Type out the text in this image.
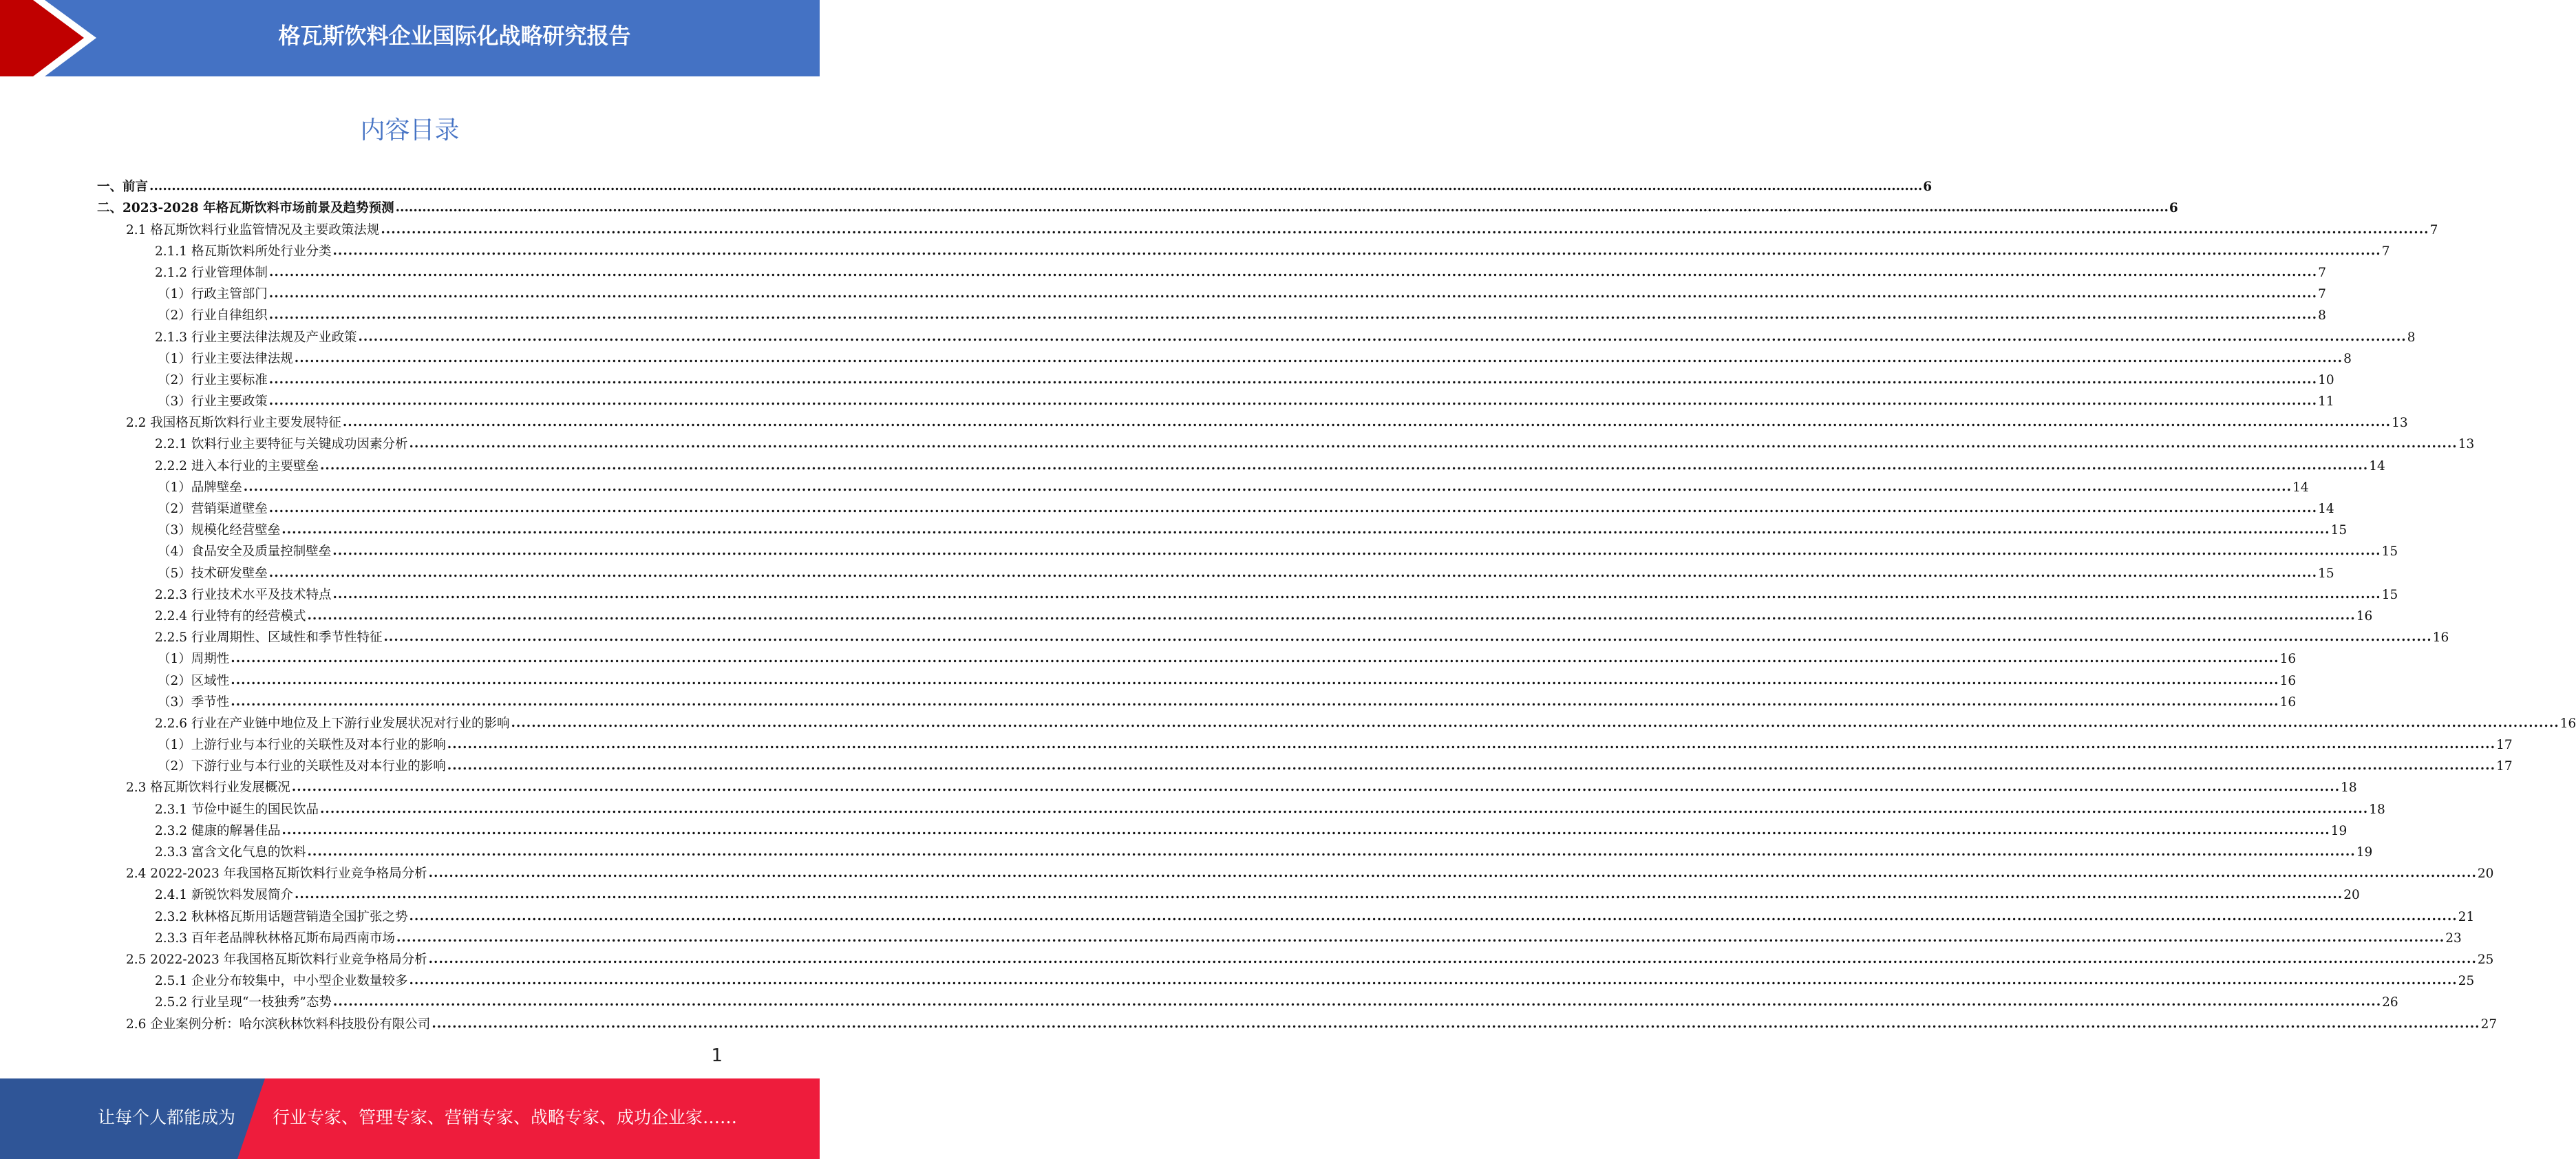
格瓦斯饮料企业国际化战略研究报告
内容目录
一、前言 ................................................................................................................................................................................................................................................................................................................................................................................................................ 6
二、2023-2028 年格瓦斯饮料市场前景及趋势预测 ................................................................................................................................................................................................................................................................................................................................................................................................................ 6
2.1 格瓦斯饮料行业监管情况及主要政策法规 ................................................................................................................................................................................................................................................................................................................................................................................................................ 7
2.1.1 格瓦斯饮料所处行业分类 ................................................................................................................................................................................................................................................................................................................................................................................................................ 7
2.1.2 行业管理体制 ................................................................................................................................................................................................................................................................................................................................................................................................................ 7
（1）行政主管部门 ................................................................................................................................................................................................................................................................................................................................................................................................................ 7
（2）行业自律组织 ................................................................................................................................................................................................................................................................................................................................................................................................................ 8
2.1.3 行业主要法律法规及产业政策 ................................................................................................................................................................................................................................................................................................................................................................................................................ 8
（1）行业主要法律法规 ................................................................................................................................................................................................................................................................................................................................................................................................................ 8
（2）行业主要标准 ................................................................................................................................................................................................................................................................................................................................................................................................................ 10
（3）行业主要政策 ................................................................................................................................................................................................................................................................................................................................................................................................................ 11
2.2 我国格瓦斯饮料行业主要发展特征 ................................................................................................................................................................................................................................................................................................................................................................................................................ 13
2.2.1 饮料行业主要特征与关键成功因素分析 ................................................................................................................................................................................................................................................................................................................................................................................................................ 13
2.2.2 进入本行业的主要壁垒 ................................................................................................................................................................................................................................................................................................................................................................................................................ 14
（1）品牌壁垒 ................................................................................................................................................................................................................................................................................................................................................................................................................ 14
（2）营销渠道壁垒 ................................................................................................................................................................................................................................................................................................................................................................................................................ 14
（3）规模化经营壁垒 ................................................................................................................................................................................................................................................................................................................................................................................................................ 15
（4）食品安全及质量控制壁垒 ................................................................................................................................................................................................................................................................................................................................................................................................................ 15
（5）技术研发壁垒 ................................................................................................................................................................................................................................................................................................................................................................................................................ 15
2.2.3 行业技术水平及技术特点 ................................................................................................................................................................................................................................................................................................................................................................................................................ 15
2.2.4 行业特有的经营模式 ................................................................................................................................................................................................................................................................................................................................................................................................................ 16
2.2.5 行业周期性、区域性和季节性特征 ................................................................................................................................................................................................................................................................................................................................................................................................................ 16
（1）周期性 ................................................................................................................................................................................................................................................................................................................................................................................................................ 16
（2）区域性 ................................................................................................................................................................................................................................................................................................................................................................................................................ 16
（3）季节性 ................................................................................................................................................................................................................................................................................................................................................................................................................ 16
2.2.6 行业在产业链中地位及上下游行业发展状况对行业的影响 ................................................................................................................................................................................................................................................................................................................................................................................................................ 16
（1）上游行业与本行业的关联性及对本行业的影响 ................................................................................................................................................................................................................................................................................................................................................................................................................ 17
（2）下游行业与本行业的关联性及对本行业的影响 ................................................................................................................................................................................................................................................................................................................................................................................................................ 17
2.3 格瓦斯饮料行业发展概况 ................................................................................................................................................................................................................................................................................................................................................................................................................ 18
2.3.1 节俭中诞生的国民饮品 ................................................................................................................................................................................................................................................................................................................................................................................................................ 18
2.3.2 健康的解暑佳品 ................................................................................................................................................................................................................................................................................................................................................................................................................ 19
2.3.3 富含文化气息的饮料 ................................................................................................................................................................................................................................................................................................................................................................................................................ 19
2.4 2022-2023 年我国格瓦斯饮料行业竞争格局分析 ................................................................................................................................................................................................................................................................................................................................................................................................................ 20
2.4.1 新锐饮料发展简介 ................................................................................................................................................................................................................................................................................................................................................................................................................ 20
2.3.2 秋林格瓦斯用话题营销造全国扩张之势 ................................................................................................................................................................................................................................................................................................................................................................................................................ 21
2.3.3 百年老品牌秋林格瓦斯布局西南市场 ................................................................................................................................................................................................................................................................................................................................................................................................................ 23
2.5 2022-2023 年我国格瓦斯饮料行业竞争格局分析 ................................................................................................................................................................................................................................................................................................................................................................................................................ 25
2.5.1 企业分布较集中，中小型企业数量较多 ................................................................................................................................................................................................................................................................................................................................................................................................................ 25
2.5.2 行业呈现“一枝独秀”态势 ................................................................................................................................................................................................................................................................................................................................................................................................................ 26
2.6 企业案例分析：哈尔滨秋林饮料科技股份有限公司 ................................................................................................................................................................................................................................................................................................................................................................................................................ 27
1
让每个人都能成为 行业专家、管理专家、营销专家、战略专家、成功企业家……
